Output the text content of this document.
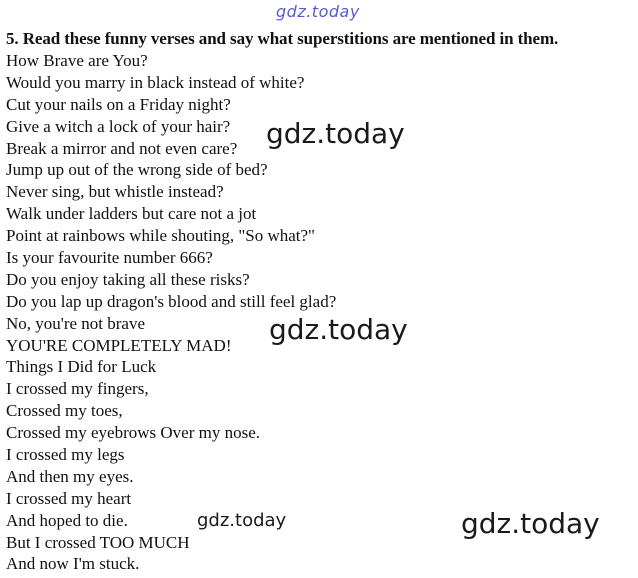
5. Read these funny verses and say what superstitions are mentioned in them.
How Brave are You?
Would you marry in black instead of white?
Cut your nails on a Friday night?
Give a witch a lock of your hair?
Break a mirror and not even care?
Jump up out of the wrong side of bed?
Never sing, but whistle instead?
Walk under ladders but care not a jot
Point at rainbows while shouting, "So what?"
Is your favourite number 666?
Do you enjoy taking all these risks?
Do you lap up dragon's blood and still feel glad?
No, you're not brave
YOU'RE COMPLETELY MAD!
Things I Did for Luck
I crossed my fingers,
Crossed my toes,
Crossed my eyebrows Over my nose.
I crossed my legs
And then my eyes.
I crossed my heart
And hoped to die.
But I crossed TOO MUCH
And now I'm stuck.
gdz.today
gdz.today
gdz.today
gdz.today	gdz.today
